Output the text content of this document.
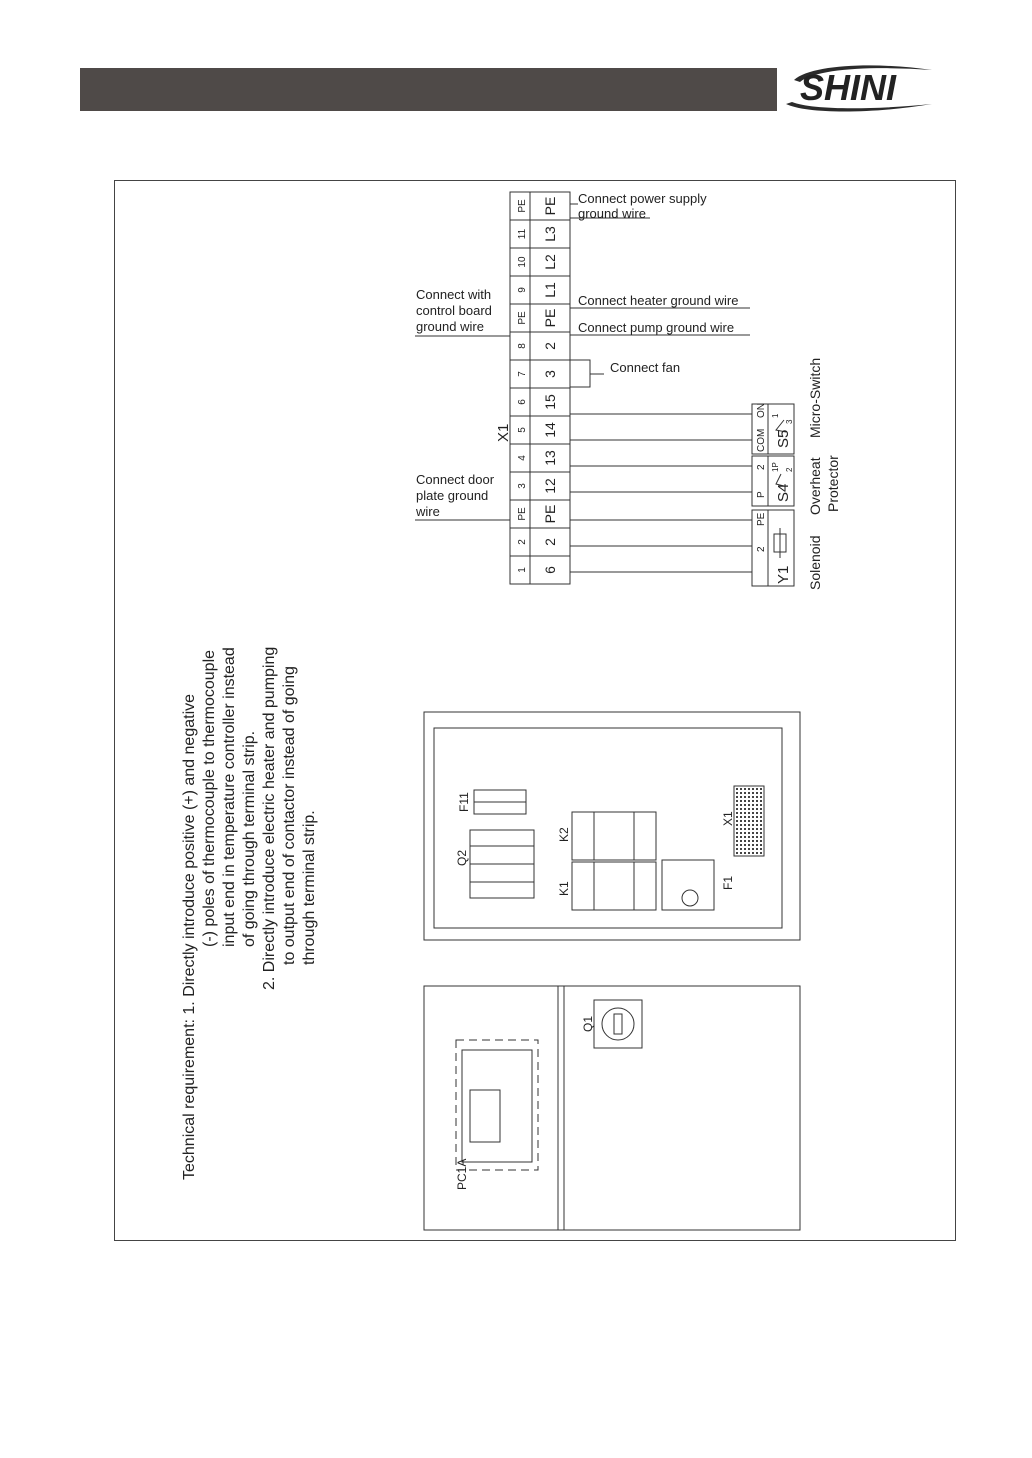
SHINI
PE PE
11 L3
10 L2
9 L1
PE PE
8 2
7 3
6 15
5 14
4 13
3 12
PE PE
2 2
1 6
X1
Connect power supply
ground wire
Connect heater ground wire
Connect pump ground wire
Connect fan
Connect with
control board
ground wire
Connect door
plate ground
wire
COM
ON
P
2
2
PE
1
3
1P 2
S5
S4
Y1
Micro-Switch
Overheat Protector
Solenoid
Technical requirement: 1. Directly introduce positive (+) and negative (-) poles of thermocouple to thermocouple input end in temperature controller instead of going through terminal strip. 2. Directly introduce electric heater and pumping to output end of contactor instead of going through terminal strip.	Q2
F11
K1
K2
F1
X1
PC1A
Q1
